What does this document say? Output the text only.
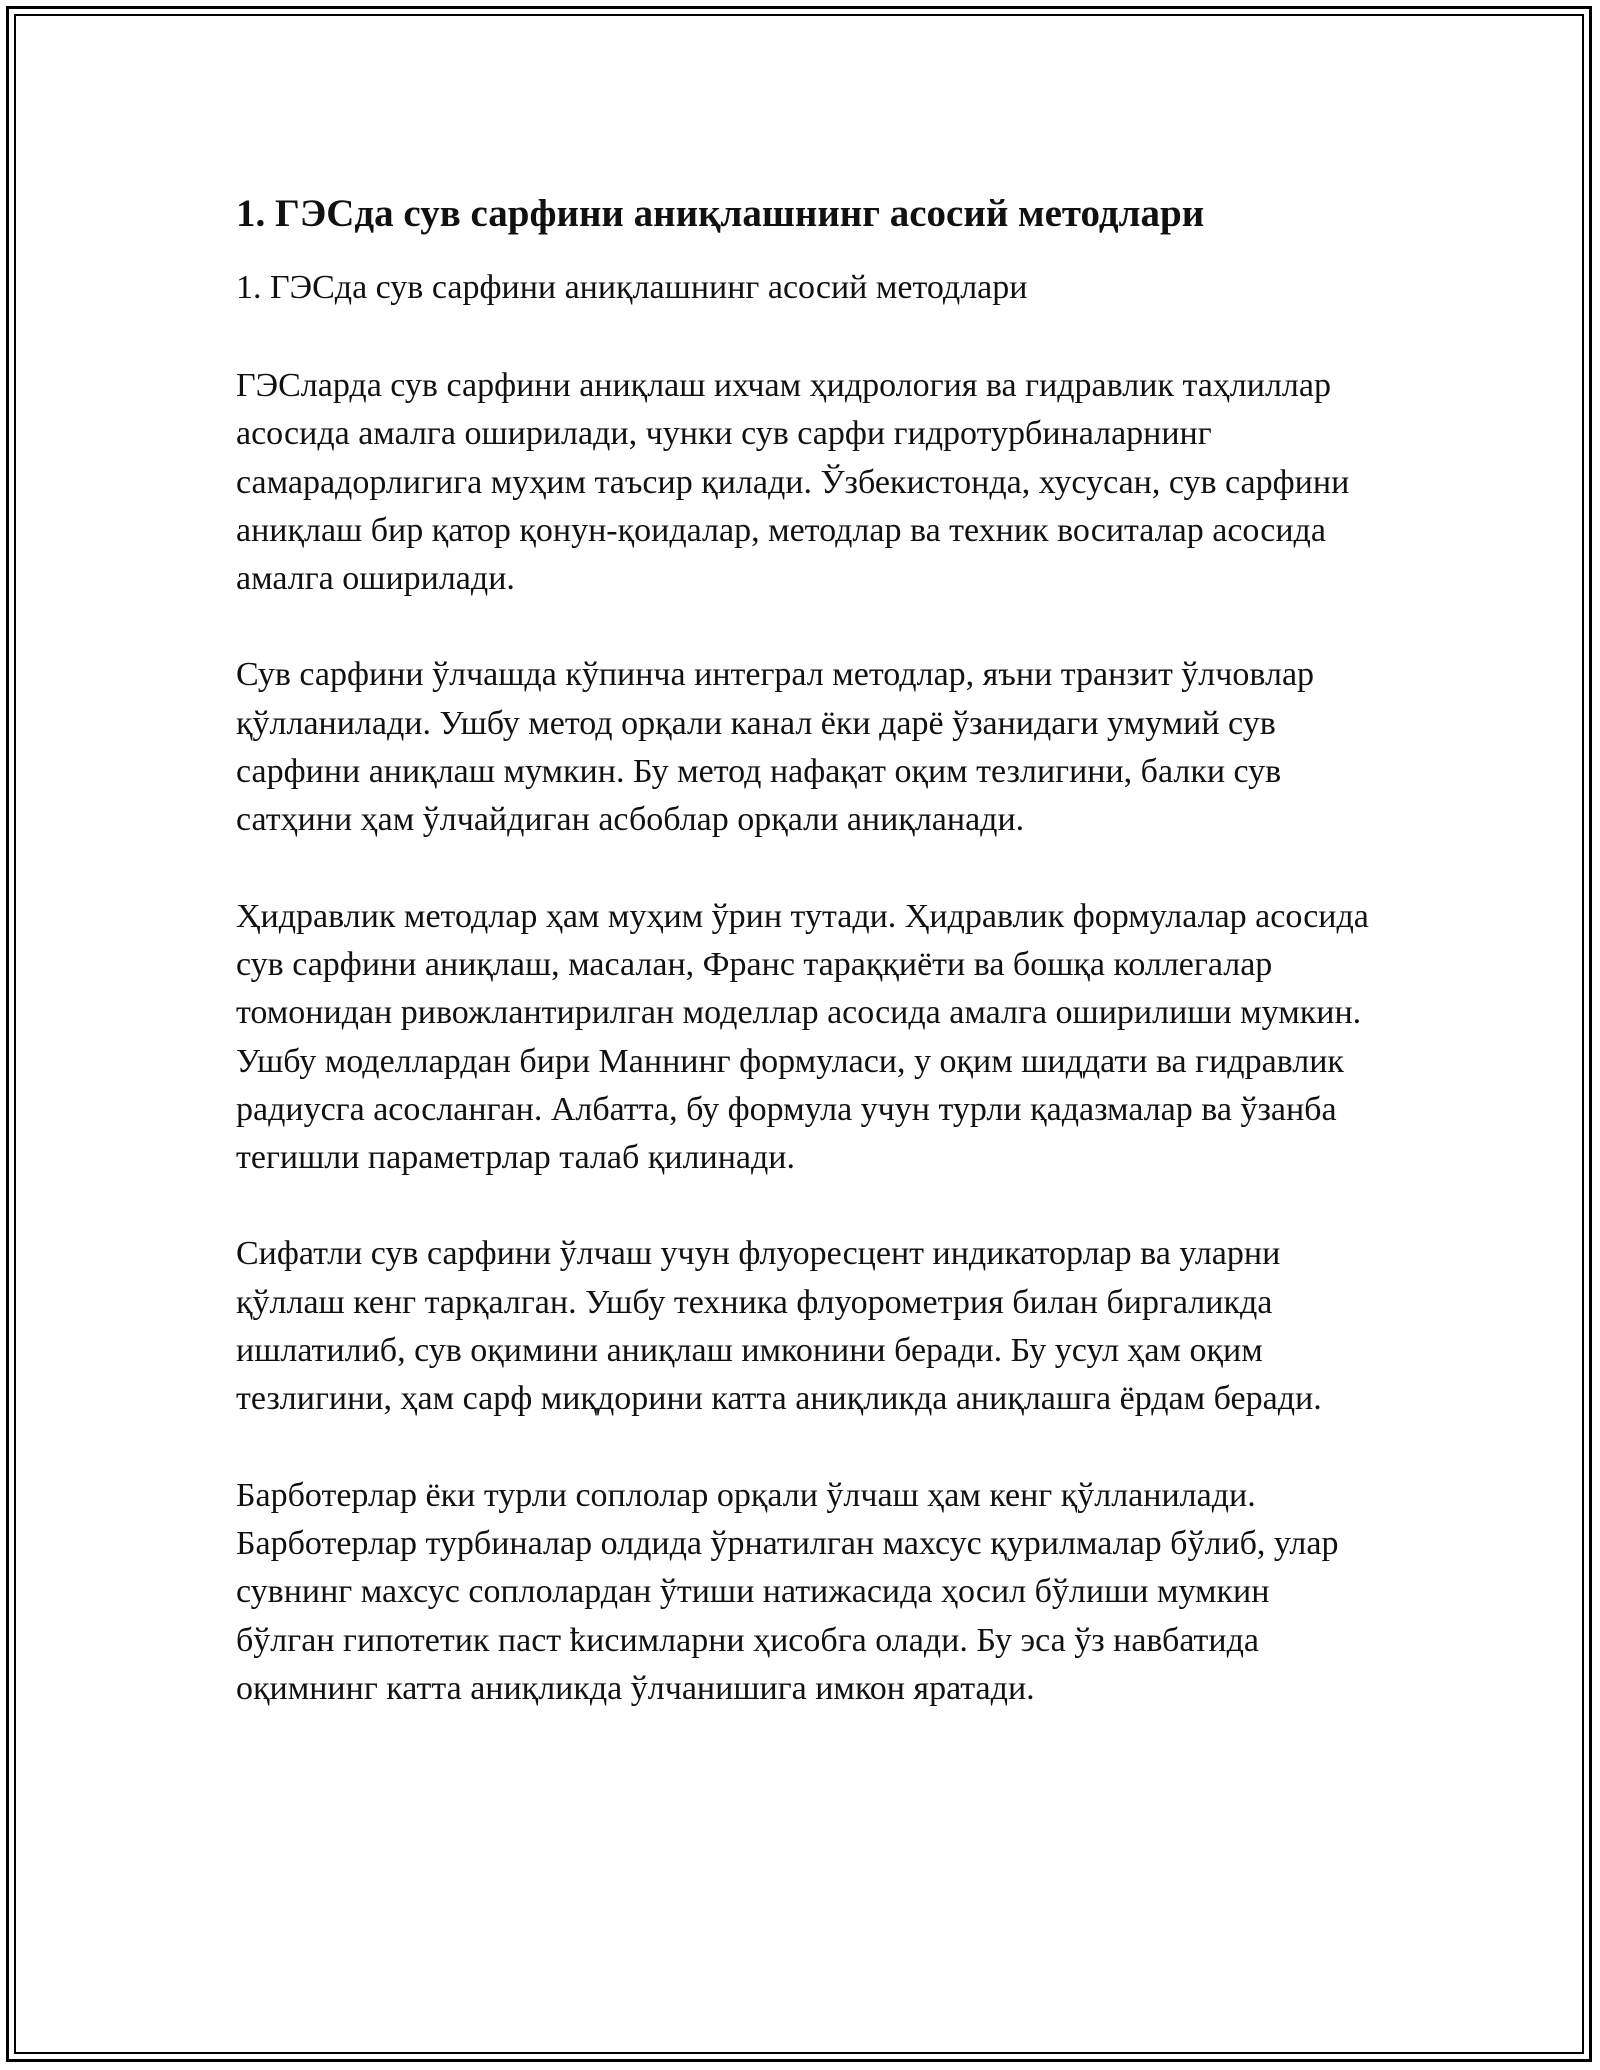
1. ГЭСда сув сарфини аниқлашнинг асосий методлари
1. ГЭСда сув сарфини аниқлашнинг асосий методлари

ГЭСларда сув сарфини аниқлаш ихчам ҳидрология ва гидравлик таҳлиллар асосида амалга оширилади, чунки сув сарфи гидротурбиналарнинг самарадорлигига муҳим таъсир қилади. Ўзбекистонда, хусусан, сув сарфини аниқлаш бир қатор қонун-қоидалар, методлар ва техник воситалар асосида амалга оширилади.

Сув сарфини ўлчашда кўпинча интеграл методлар, яъни транзит ўлчовлар қўлланилади. Ушбу метод орқали канал ёки дарё ўзанидаги умумий сув сарфини аниқлаш мумкин. Бу метод нафақат оқим тезлигини, балки сув сатҳини ҳам ўлчайдиган асбоблар орқали аниқланади.

Ҳидравлик методлар ҳам муҳим ўрин тутади. Ҳидравлик формулалар асосида сув сарфини аниқлаш, масалан, Франс тараққиёти ва бошқа коллегалар томонидан ривожлантирилган моделлар асосида амалга оширилиши мумкин. Ушбу моделлардан бири Маннинг формуласи, у оқим шиддати ва гидравлик радиусга асосланган. Албатта, бу формула учун турли қадазмалар ва ўзанба тегишли параметрлар талаб қилинади.

Сифатли сув сарфини ўлчаш учун флуоресцент индикаторлар ва уларни қўллаш кенг тарқалган. Ушбу техника флуорометрия билан биргаликда ишлатилиб, сув оқимини аниқлаш имконини беради. Бу усул ҳам оқим тезлигини, ҳам сарф миқдорини катта аниқликда аниқлашга ёрдам беради.

Барботерлар ёки турли соплолар орқали ўлчаш ҳам кенг қўлланилади. Барботерлар турбиналар олдида ўрнатилган махсус қурилмалар бўлиб, улар сувнинг махсус соплолардан ўтиши натижасида ҳосил бўлиши мумкин бўлган гипотетик паст ҟисимларни ҳисобга олади. Бу эса ўз навбатида оқимнинг катта аниқликда ўлчанишига имкон яратади.
